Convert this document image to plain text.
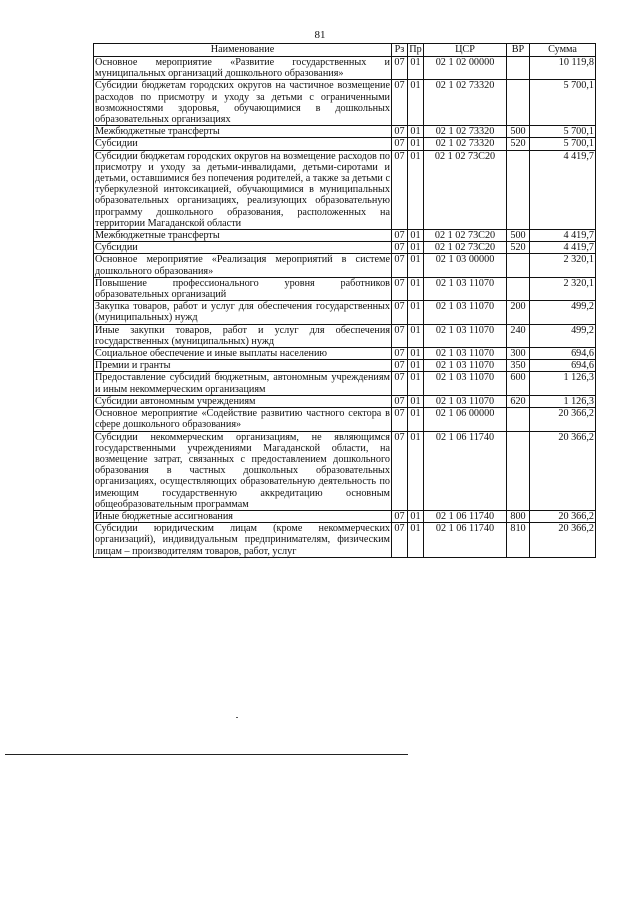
81
Наименование	Рз	Пр	ЦСР	ВР	Сумма
Основное мероприятие «Развитие государственных и муниципальных организаций дошкольного образования»	07	01	02 1 02 00000		10 119,8
Субсидии бюджетам городских округов на частичное возмещение расходов по присмотру и уходу за детьми с ограниченными возможностями здоровья, обучающимися в дошкольных образовательных организациях	07	01	02 1 02 73320		5 700,1
Межбюджетные трансферты	07	01	02 1 02 73320	500	5 700,1
Субсидии	07	01	02 1 02 73320	520	5 700,1
Субсидии бюджетам городских округов на возмещение расходов по присмотру и уходу за детьми-инвалидами, детьми-сиротами и детьми, оставшимися без попечения родителей, а также за детьми с туберкулезной интоксикацией, обучающимися в муниципальных образовательных организациях, реализующих образовательную программу дошкольного образования, расположенных на территории Магаданской области	07	01	02 1 02 73С20		4 419,7
Межбюджетные трансферты	07	01	02 1 02 73С20	500	4 419,7
Субсидии	07	01	02 1 02 73С20	520	4 419,7
Основное мероприятие «Реализация мероприятий в системе дошкольного образования»	07	01	02 1 03 00000		2 320,1
Повышение профессионального уровня работников образовательных организаций	07	01	02 1 03 11070		2 320,1
Закупка товаров, работ и услуг для обеспечения государственных (муниципальных) нужд	07	01	02 1 03 11070	200	499,2
Иные закупки товаров, работ и услуг для обеспечения государственных (муниципальных) нужд	07	01	02 1 03 11070	240	499,2
Социальное обеспечение и иные выплаты населению	07	01	02 1 03 11070	300	694,6
Премии и гранты	07	01	02 1 03 11070	350	694,6
Предоставление субсидий бюджетным, автономным учреждениям и иным некоммерческим организациям	07	01	02 1 03 11070	600	1 126,3
Субсидии автономным учреждениям	07	01	02 1 03 11070	620	1 126,3
Основное мероприятие «Содействие развитию частного сектора в сфере дошкольного образования»	07	01	02 1 06 00000		20 366,2
Субсидии некоммерческим организациям, не являющимся государственными учреждениями Магаданской области, на возмещение затрат, связанных с предоставлением дошкольного образования в частных дошкольных образовательных организациях, осуществляющих образовательную деятельность по имеющим государственную аккредитацию основным общеобразовательным программам	07	01	02 1 06 11740		20 366,2
Иные бюджетные ассигнования	07	01	02 1 06 11740	800	20 366,2
Субсидии юридическим лицам (кроме некоммерческих организаций), индивидуальным предпринимателям, физическим лицам – производителям товаров, работ, услуг	07	01	02 1 06 11740	810	20 366,2
